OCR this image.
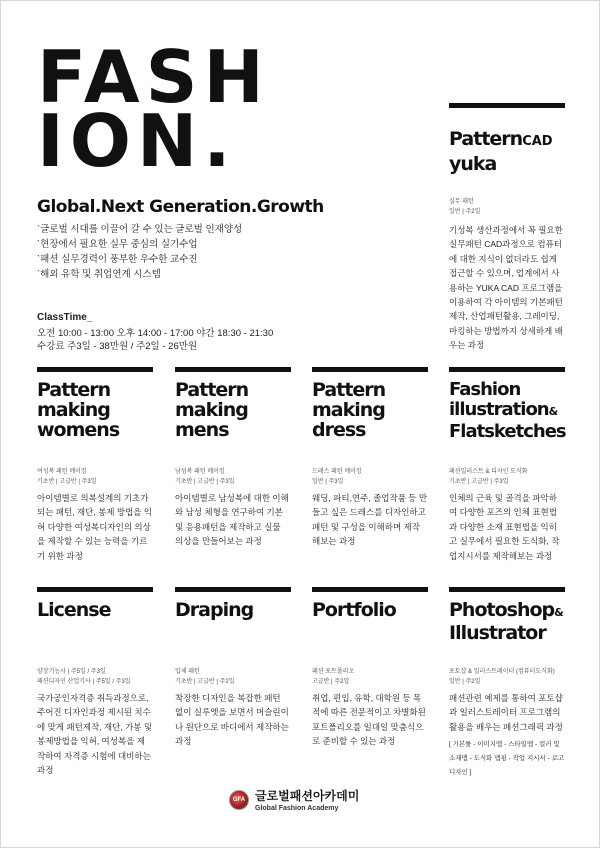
FASH
ION.
Global.Next Generation.Growth
` 글로벌 시대를 이끌어 갈 수 있는 글로벌 인재양성
` 현장에서 필요한 실무 중심의 실기수업
` 패션 실무경력이 풍부한 우수한 교수진
` 해외 유학 및 취업연계 시스템
ClassTime_
오전 10:00 - 13:00 오후 14:00 - 17:00 야간 18:30 - 21:30
수강료 주3일 - 38만원 / 주2일 - 26만원
PatternCAD
yuka
실무 패턴
일반 | 주2일
기성복 생산과정에서 꼭 필요한 실무패턴 CAD과정으로 컴퓨터에 대한 지식이 없더라도 쉽게 접근할 수 있으며, 업계에서 사용하는 YUKA CAD 프로그램을 이용하여 각 아이템의 기본패턴제작, 산업패턴활용, 그레이딩, 마킹하는 방법까지 상세하게 배우는 과정
Pattern
making
womens
여성복 패턴 메이킹
기초반 | 고급반 | 주3일
아이템별로 의복설계의 기초가 되는 패턴, 재단, 봉제 방법을 익혀 다양한 여성복디자인의 의상을 제작할 수 있는 능력을 기르기 위한 과정
Pattern
making
mens
남성복 패턴 메이킹
기초반 | 고급반 | 주3일
아이템별로 남성복에 대한 이해와 남성 체형을 연구하여 기본 및 응용패턴을 제작하고 실물 의상을 만들어보는 과정
Pattern
making
dress
드레스 패턴 메이킹
일반 | 주3일
웨딩, 파티,연주, 졸업작품 등 만들고 싶은 드레스를 디자인하고 패턴 및 구성을 이해하며 제작해보는 과정
Fashion
illustration&
Flatsketches
패션일러스트 & 디자인 도식화
기초반 | 고급반 | 주3일
인체의 근육 및 골격을 파악하여 다양한 포즈의 인체 표현법과 다양한 소재 표현법을 익히고 실무에서 필요한 도식화, 작업지시서를 제작해보는 과정
License
양장기능사 | 주5일 / 주3일
패션디자인 산업기사 | 주5일 / 주3일
국가공인자격증 취득과정으로, 주어진 디자인과정 제시된 치수에 맞게 패턴제작, 재단, 가봉 및 봉제방법을 익혀, 여성복을 제작하여 자격증 시험에 대비하는 과정
Draping
입체 패턴
기초반 | 고급반 | 주2일
착장한 디자인을 복잡한 패턴 없이 실루엣을 보면서 머슬린이나 원단으로 바디에서 제작하는 과정
Portfolio
패션 포트폴리오
고급반 | 주2일
취업, 편입, 유학, 대학원 등 목적에 따른 전문적이고 차별화된 포트폴리오를 일대일 맞춤식으로 준비할 수 있는 과정
Photoshop&
Illustrator
포토샵 & 일러스트레이터 (컴퓨터도식화)
일반 | 주2일
패션관련 예제를 통하여 포토샵과 일러스트레이터 프로그램의 활용을 배우는 패션그래픽 과정
[ 기본툴 - 이미지맵 - 스타일맵 - 컬러 및 소재맵 - 도식화 맵핑 - 작업 지시서 - 로고 디자인 ]
GFA 글로벌패션아카데미
Global Fashion Academy
